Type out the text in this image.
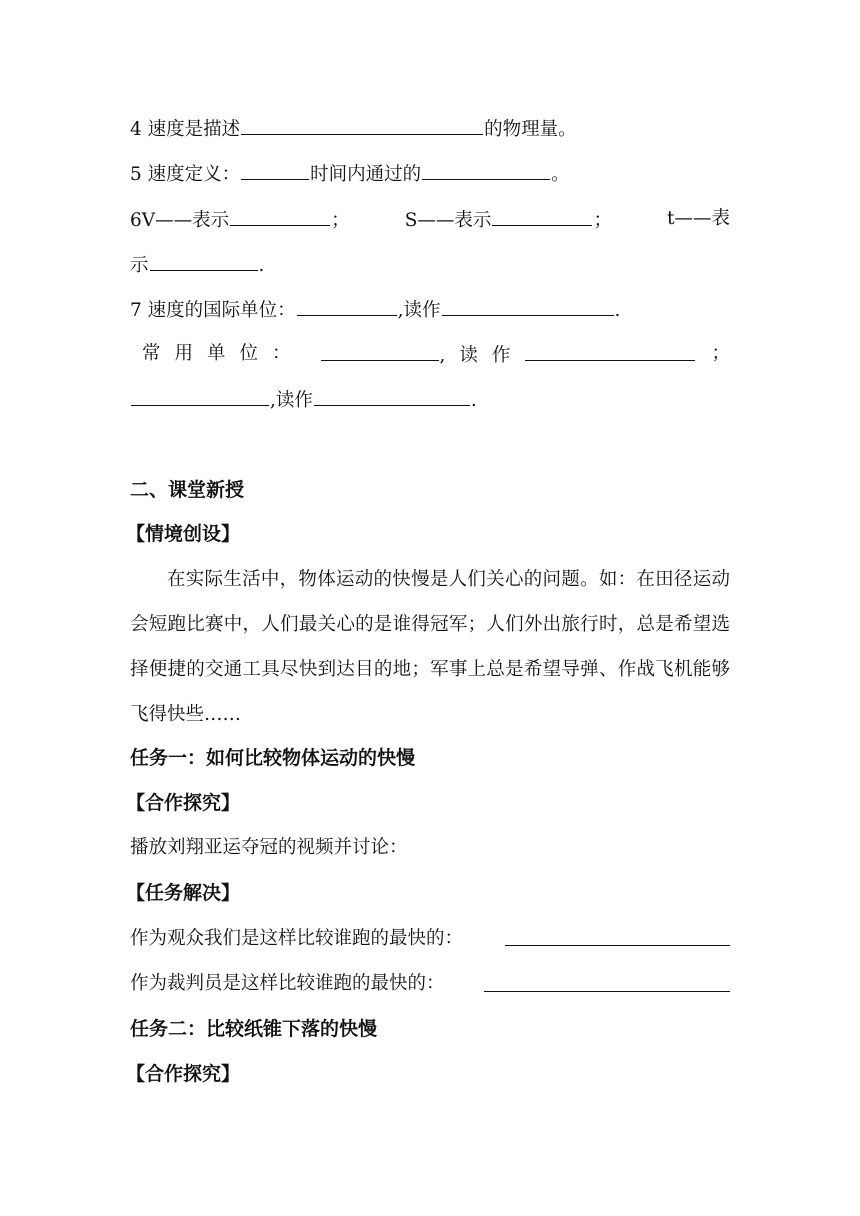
4 速度是描述	的物理量。
5 速度定义：	时间内通过的	。
6V——表示	；	S——表示	；	t——表
示	.
7 速度的国际单位：	,读作	.
常用单位：	,读作	；
,读作	.
二、课堂新授
【情境创设】

在实际生活中，物体运动的快慢是人们关心的问题。如：在田径运动会短跑比赛中，人们最关心的是谁得冠军；人们外出旅行时，总是希望选择便捷的交通工具尽快到达目的地；军事上总是希望导弹、作战飞机能够飞得快些……

任务一：如何比较物体运动的快慢
【合作探究】
播放刘翔亚运夺冠的视频并讨论：
【任务解决】
作为观众我们是这样比较谁跑的最快的：
作为裁判员是这样比较谁跑的最快的：
任务二：比较纸锥下落的快慢
【合作探究】
